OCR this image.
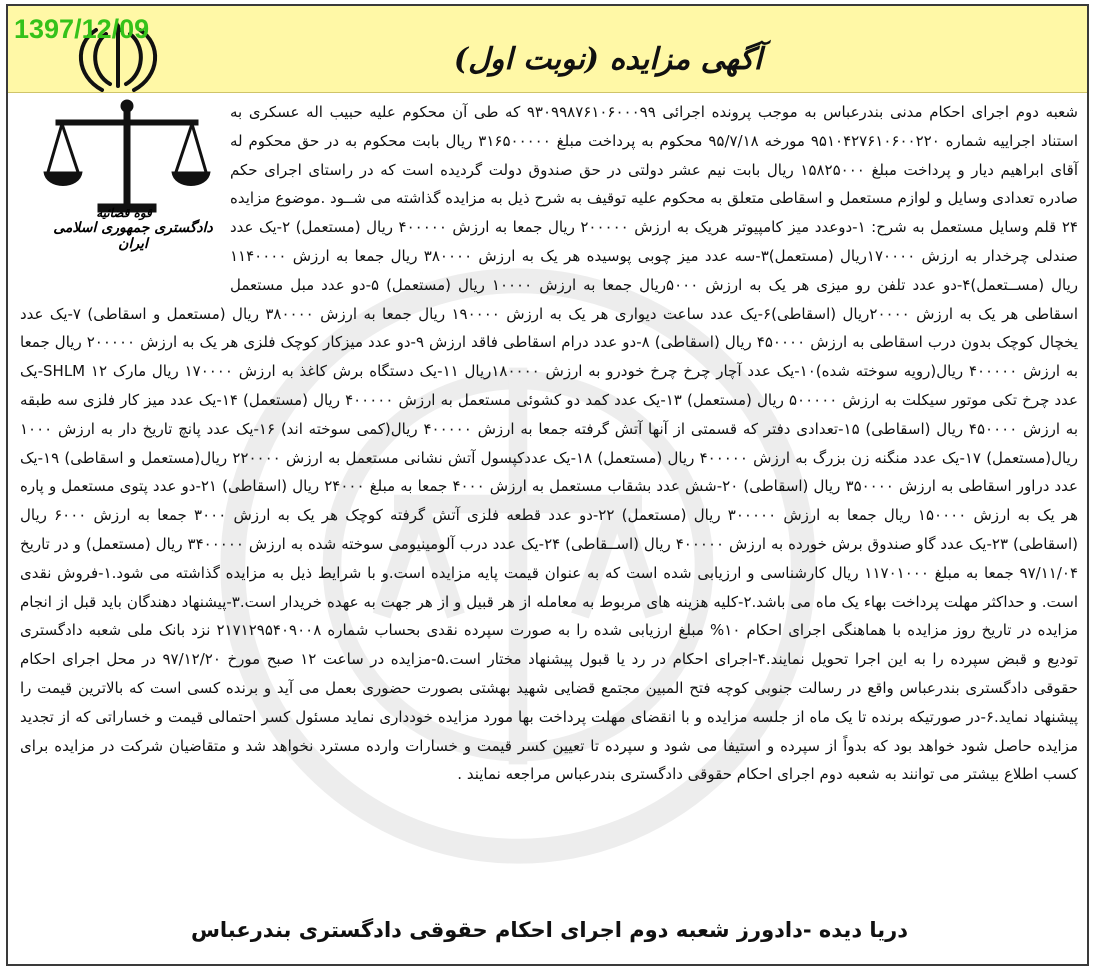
1397/12/09
قوه قضائیه
دادگستری جمهوری اسلامی ایران
آگهی مزایده (نوبت اول)
شعبه دوم اجرای احکام مدنی بندرعباس به موجب پرونده اجرائی ۹۳۰۹۹۸۷۶۱۰۶۰۰۰۹۹ که طی آن محکوم علیه حبیب اله عسکری به استناد اجراییه شماره ۹۵۱۰۴۲۷۶۱۰۶۰۰۲۲۰ مورخه ۹۵/۷/۱۸ محکوم به پرداخت مبلغ ۳۱۶۵۰۰۰۰۰ ریال بابت محکوم به در حق محکوم له آقای ابراهیم دیار و پرداخت مبلغ ۱۵۸۲۵۰۰۰ ریال بابت نیم عشر دولتی در حق صندوق دولت گردیده است که در راستای اجرای حکم صادره تعدادی وسایل و لوازم مستعمل و اسقاطی متعلق به محکوم علیه توقیف به شرح ذیل به مزایده گذاشته می شــود .موضوع مزایده ۲۴ قلم وسایل مستعمل به شرح: ۱-دوعدد میز کامپیوتر هریک به ارزش ۲۰۰۰۰۰ ریال جمعا به ارزش ۴۰۰۰۰۰ ریال (مستعمل) ۲-یک عدد صندلی چرخدار به ارزش ۱۷۰۰۰۰ریال (مستعمل)۳-سه عدد میز چوبی پوسیده هر یک به ارزش ۳۸۰۰۰۰ ریال جمعا به ارزش ۱۱۴۰۰۰۰ ریال (مســتعمل)۴-دو عدد تلفن رو میزی هر یک به ارزش ۵۰۰۰ریال جمعا به ارزش ۱۰۰۰۰ ریال (مستعمل) ۵-دو عدد مبل مستعمل اسقاطی هر یک به ارزش ۲۰۰۰۰ریال (اسقاطی)۶-یک عدد ساعت دیواری هر یک به ارزش ۱۹۰۰۰۰ ریال جمعا به ارزش ۳۸۰۰۰۰ ریال (مستعمل و اسقاطی) ۷-یک عدد یخچال کوچک بدون درب اسقاطی به ارزش ۴۵۰۰۰۰ ریال (اسقاطی) ۸-دو عدد درام اسقاطی فاقد ارزش ۹-دو عدد میزکار کوچک فلزی هر یک به ارزش ۲۰۰۰۰۰ ریال جمعا به ارزش ۴۰۰۰۰۰ ریال(رویه سوخته شده)۱۰-یک عدد آچار چرخ چرخ خودرو به ارزش ۱۸۰۰۰۰ریال ۱۱-یک دستگاه برش کاغذ به ارزش ۱۷۰۰۰۰ ریال مارک SHLM ۱۲-یک عدد چرخ تکی موتور سیکلت به ارزش ۵۰۰۰۰۰ ریال (مستعمل) ۱۳-یک عدد کمد دو کشوئی مستعمل به ارزش ۴۰۰۰۰۰ ریال (مستعمل) ۱۴-یک عدد میز کار فلزی سه طبقه به ارزش ۴۵۰۰۰۰ ریال (اسقاطی) ۱۵-تعدادی دفتر که قسمتی از آنها آتش گرفته جمعا به ارزش ۴۰۰۰۰۰ ریال(کمی سوخته اند) ۱۶-یک عدد پانچ تاریخ دار به ارزش ۱۰۰۰ ریال(مستعمل) ۱۷-یک عدد منگنه زن بزرگ به ارزش ۴۰۰۰۰۰ ریال (مستعمل) ۱۸-یک عددکپسول آتش نشانی مستعمل به ارزش ۲۲۰۰۰۰ ریال(مستعمل و اسقاطی) ۱۹-یک عدد دراور اسقاطی به ارزش ۳۵۰۰۰۰ ریال (اسقاطی) ۲۰-شش عدد بشقاب مستعمل به ارزش ۴۰۰۰ جمعا به مبلغ ۲۴۰۰۰ ریال (اسقاطی) ۲۱-دو عدد پتوی مستعمل و پاره هر یک به ارزش ۱۵۰۰۰۰ ریال جمعا به ارزش ۳۰۰۰۰۰ ریال (مستعمل) ۲۲-دو عدد قطعه فلزی آتش گرفته کوچک هر یک به ارزش ۳۰۰۰ جمعا به ارزش ۶۰۰۰ ریال (اسقاطی) ۲۳-یک عدد گاو صندوق برش خورده به ارزش ۴۰۰۰۰۰ ریال (اســقاطی) ۲۴-یک عدد درب آلومینیومی سوخته شده به ارزش ۳۴۰۰۰۰۰ ریال (مستعمل) و در تاریخ ۹۷/۱۱/۰۴ جمعا به مبلغ ۱۱۷۰۱۰۰۰ ریال کارشناسی و ارزیابی شده است که به عنوان قیمت پایه مزایده است.و با شرایط ذیل به مزایده گذاشته می شود.۱-فروش نقدی است. و حداکثر مهلت پرداخت بهاء یک ماه می باشد.۲-کلیه هزینه های مربوط به معامله از هر قبیل و از هر جهت به عهده خریدار است.۳-پیشنهاد دهندگان باید قبل از انجام مزایده در تاریخ روز مزایده با هماهنگی اجرای احکام ۱۰% مبلغ ارزیابی شده را به صورت سپرده نقدی بحساب شماره ۲۱۷۱۲۹۵۴۰۹۰۰۸ نزد بانک ملی شعبه دادگستری تودیع و قبض سپرده را به این اجرا تحویل نمایند.۴-اجرای احکام در رد یا قبول پیشنهاد مختار است.۵-مزایده در ساعت ۱۲ صبح مورخ ۹۷/۱۲/۲۰ در محل اجرای احکام حقوقی دادگستری بندرعباس واقع در رسالت جنوبی کوچه فتح المبین مجتمع قضایی شهید بهشتی بصورت حضوری بعمل می آید و برنده کسی است که بالاترین قیمت را پیشنهاد نماید.۶-در صورتیکه برنده تا یک ماه از جلسه مزایده و با انقضای مهلت پرداخت بها مورد مزایده خودداری نماید مسئول کسر احتمالی قیمت و خساراتی که از تجدید مزایده حاصل شود خواهد بود که بدواً از سپرده و استیفا می شود و سپرده تا تعیین کسر قیمت و خسارات وارده مسترد نخواهد شد و متقاضیان شرکت در مزایده برای کسب اطلاع بیشتر می توانند به شعبه دوم اجرای احکام حقوقی دادگستری بندرعباس مراجعه نمایند .
دریا دیده -دادورز شعبه دوم اجرای احکام حقوقی دادگستری بندرعباس
